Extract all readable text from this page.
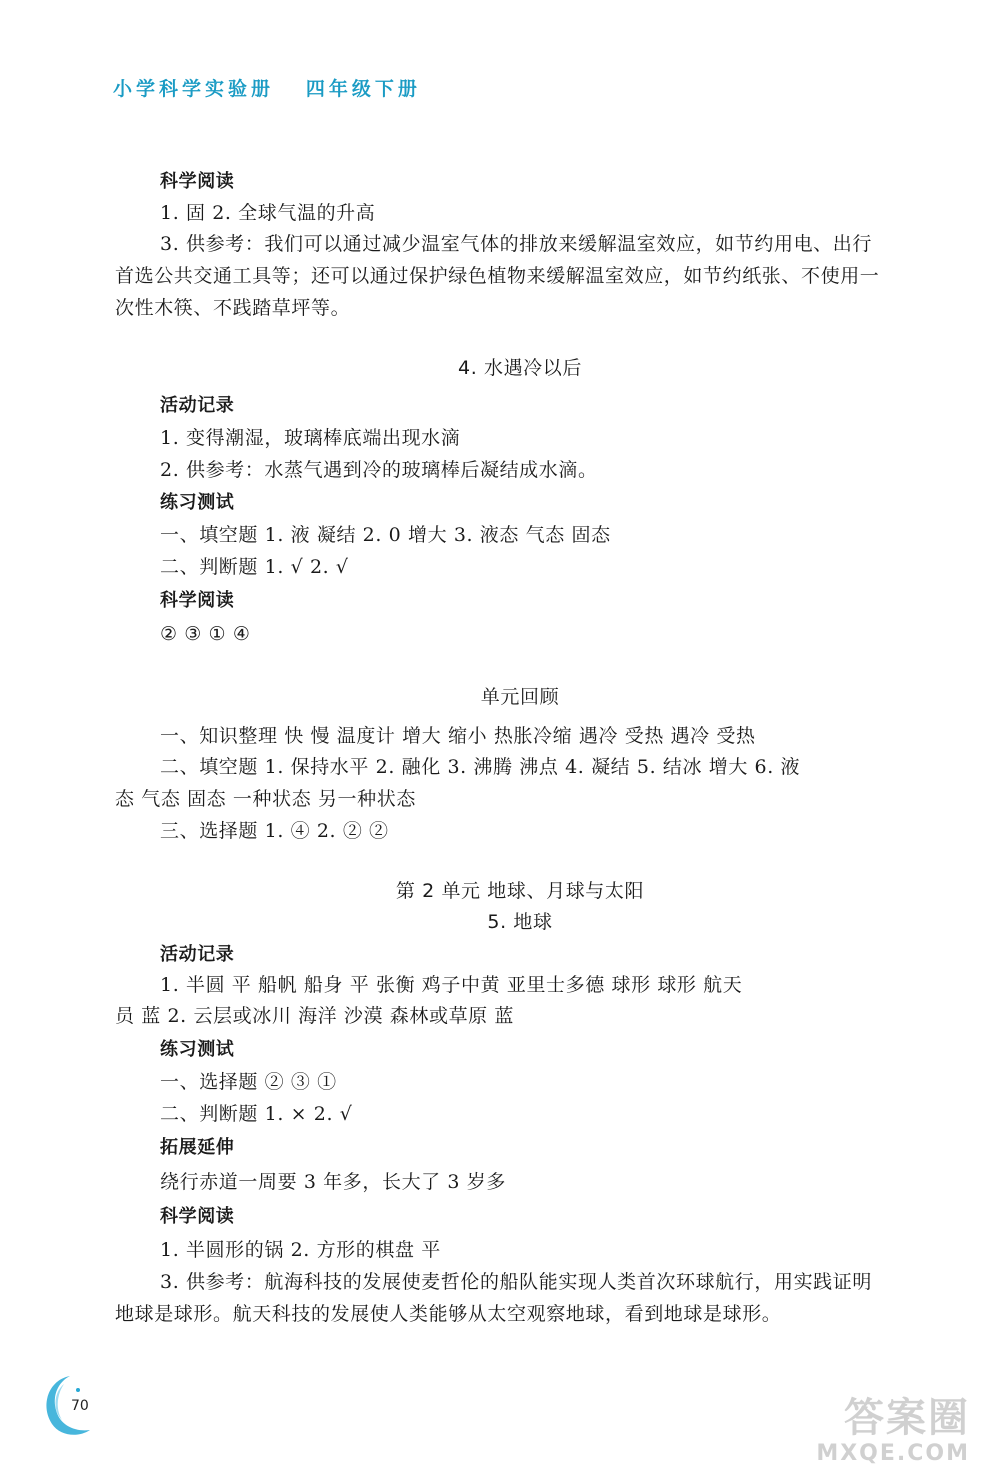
小学科学实验册   四年级下册
科学阅读
1. 固 2. 全球气温的升高
3. 供参考：我们可以通过减少温室气体的排放来缓解温室效应，如节约用电、出行
首选公共交通工具等；还可以通过保护绿色植物来缓解温室效应，如节约纸张、不使用一
次性木筷、不践踏草坪等。
4. 水遇冷以后
活动记录
1. 变得潮湿，玻璃棒底端出现水滴
2. 供参考：水蒸气遇到冷的玻璃棒后凝结成水滴。
练习测试
一、填空题 1. 液 凝结 2. 0 增大 3. 液态 气态 固态
二、判断题 1. √ 2. √
科学阅读
② ③ ① ④
单元回顾
一、知识整理 快 慢 温度计 增大 缩小 热胀冷缩 遇冷 受热 遇冷 受热
二、填空题 1. 保持水平 2. 融化 3. 沸腾 沸点 4. 凝结 5. 结冰 增大 6. 液
态 气态 固态 一种状态 另一种状态
三、选择题 1. ④ 2. ② ②
第 2 单元 地球、月球与太阳
5. 地球
活动记录
1. 半圆 平 船帆 船身 平 张衡 鸡子中黄 亚里士多德 球形 球形 航天
员 蓝 2. 云层或冰川 海洋 沙漠 森林或草原 蓝
练习测试
一、选择题 ② ③ ①
二、判断题 1. × 2. √
拓展延伸
绕行赤道一周要 3 年多，长大了 3 岁多
科学阅读
1. 半圆形的锅 2. 方形的棋盘 平
3. 供参考：航海科技的发展使麦哲伦的船队能实现人类首次环球航行，用实践证明
地球是球形。航天科技的发展使人类能够从太空观察地球，看到地球是球形。
70	答案圈
MXQE.COM
